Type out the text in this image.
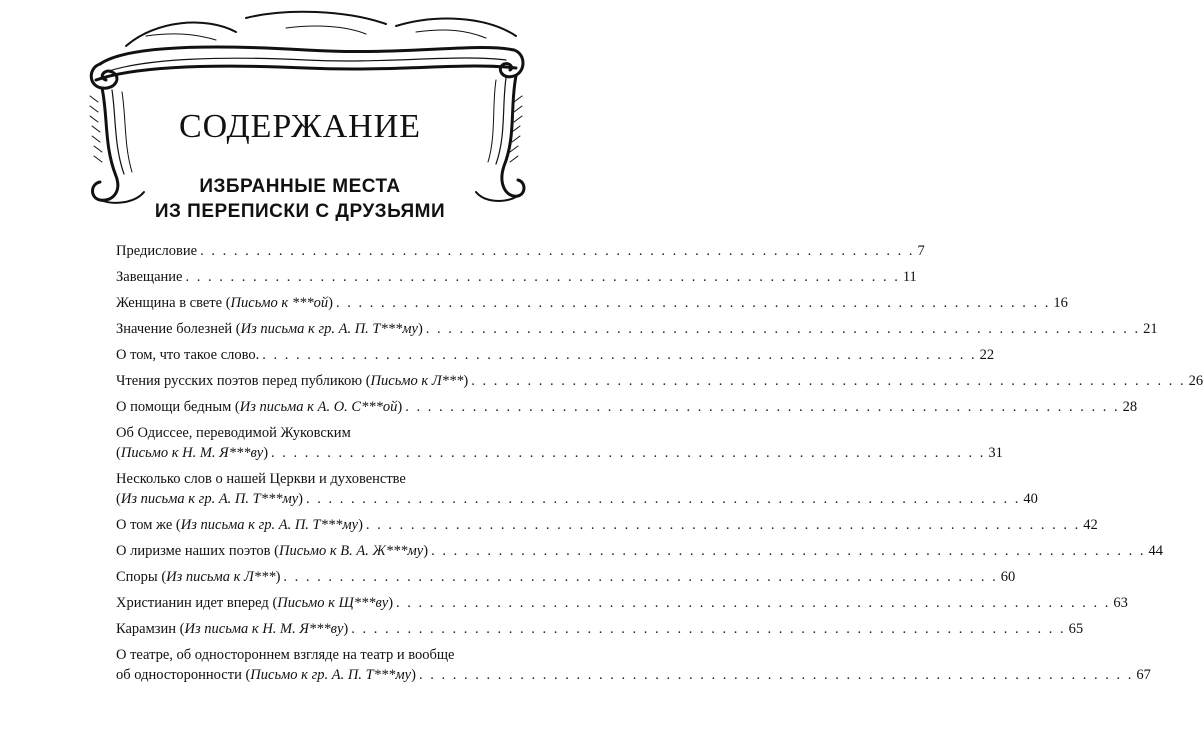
СОДЕРЖАНИЕ
ИЗБРАННЫЕ МЕСТА
ИЗ ПЕРЕПИСКИ С ДРУЗЬЯМИ
Предисловие . . . . . . . . . . . . . . . . . . . . . . . . . . . . . . . . . . . . . . . . . . . . . . . . . . . . . . . . . . . . . . . . 7
Завещание . . . . . . . . . . . . . . . . . . . . . . . . . . . . . . . . . . . . . . . . . . . . . . . . . . . . . . . . . . . . . . . . 11
Женщина в свете (Письмо к ***ой) . . . . . . . . . . . . . . . . . . . . . . . . . . . . . . . . . . . . . . . . . . . . . . . . . . . . . . . . . . . . . . . . 16
Значение болезней (Из письма к гр. А. П. Т***му) . . . . . . . . . . . . . . . . . . . . . . . . . . . . . . . . . . . . . . . . . . . . . . . . . . . . . . . . . . . . . . . . 21
О том, что такое слово. . . . . . . . . . . . . . . . . . . . . . . . . . . . . . . . . . . . . . . . . . . . . . . . . . . . . . . . . . . . . . . . . 22
Чтения русских поэтов перед публикою (Письмо к Л***) . . . . . . . . . . . . . . . . . . . . . . . . . . . . . . . . . . . . . . . . . . . . . . . . . . . . . . . . . . . . . . . . 26
О помощи бедным (Из письма к А. О. С***ой) . . . . . . . . . . . . . . . . . . . . . . . . . . . . . . . . . . . . . . . . . . . . . . . . . . . . . . . . . . . . . . . . 28
Об Одиссее, переводимой Жуковским
(Письмо к Н. М. Я***ву) . . . . . . . . . . . . . . . . . . . . . . . . . . . . . . . . . . . . . . . . . . . . . . . . . . . . . . . . . . . . . . . . 31
Несколько слов о нашей Церкви и духовенстве
(Из письма к гр. А. П. Т***му) . . . . . . . . . . . . . . . . . . . . . . . . . . . . . . . . . . . . . . . . . . . . . . . . . . . . . . . . . . . . . . . . 40
О том же (Из письма к гр. А. П. Т***му) . . . . . . . . . . . . . . . . . . . . . . . . . . . . . . . . . . . . . . . . . . . . . . . . . . . . . . . . . . . . . . . . 42
О лиризме наших поэтов (Письмо к В. А. Ж***му) . . . . . . . . . . . . . . . . . . . . . . . . . . . . . . . . . . . . . . . . . . . . . . . . . . . . . . . . . . . . . . . . 44
Споры (Из письма к Л***) . . . . . . . . . . . . . . . . . . . . . . . . . . . . . . . . . . . . . . . . . . . . . . . . . . . . . . . . . . . . . . . . 60
Христианин идет вперед (Письмо к Щ***ву) . . . . . . . . . . . . . . . . . . . . . . . . . . . . . . . . . . . . . . . . . . . . . . . . . . . . . . . . . . . . . . . . 63
Карамзин (Из письма к Н. М. Я***ву) . . . . . . . . . . . . . . . . . . . . . . . . . . . . . . . . . . . . . . . . . . . . . . . . . . . . . . . . . . . . . . . . 65
О театре, об одностороннем взгляде на театр и вообще
об односторонности (Письмо к гр. А. П. Т***му) . . . . . . . . . . . . . . . . . . . . . . . . . . . . . . . . . . . . . . . . . . . . . . . . . . . . . . . . . . . . . . . . 67
